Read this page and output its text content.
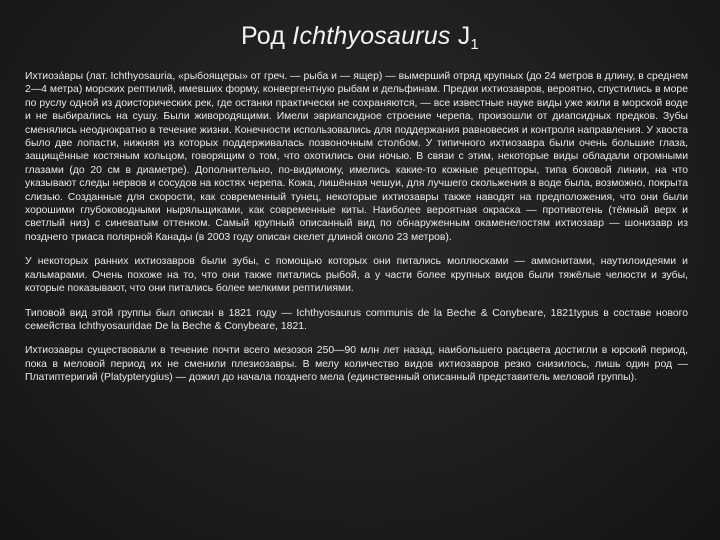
Род Ichthyosaurus $J_1$

Ихтиоза́вры (лат. Ichthyosauria, «рыбоящеры» от греч. — рыба и — ящер) — вымерший отряд крупных (до 24 метров в длину, в среднем 2—4 метра) морских рептилий, имевших форму, конвергентную рыбам и дельфинам. Предки ихтиозавров, вероятно, спустились в море по руслу одной из доисторических рек, где останки практически не сохраняются, — все известные науке виды уже жили в морской воде и не выбирались на сушу. Были живородящими. Имели эвриапсидное строение черепа, произошли от диапсидных предков. Зубы сменялись неоднократно в течение жизни. Конечности использовались для поддержания равновесия и контроля направления. У хвоста было две лопасти, нижняя из которых поддерживалась позвоночным столбом. У типичного ихтиозавра были очень большие глаза, защищённые костяным кольцом, говорящим о том, что охотились они ночью. В связи с этим, некоторые виды обладали огромными глазами (до 20 см в диаметре). Дополнительно, по-видимому, имелись какие-то кожные рецепторы, типа боковой линии, на что указывают следы нервов и сосудов на костях черепа. Кожа, лишённая чешуи, для лучшего скольжения в воде была, возможно, покрыта слизью. Созданные для скорости, как современный тунец, некоторые ихтиозавры также наводят на предположения, что они были хорошими глубоководными ныряльщиками, как современные киты. Наиболее вероятная окраска — противотень (тёмный верх и светлый низ) с синеватым оттенком. Самый крупный описанный вид по обнаруженным окаменелостям ихтиозавр — шонизавр из позднего триаса полярной Канады (в 2003 году описан скелет длиной около 23 метров).

У некоторых ранних ихтиозавров были зубы, с помощью которых они питались моллюсками — аммонитами, наутилоидеями и кальмарами. Очень похоже на то, что они также питались рыбой, а у части более крупных видов были тяжёлые челюсти и зубы, которые показывают, что они питались более мелкими рептилиями.

Типовой вид этой группы был описан в 1821 году — Ichthyosaurus communis de la Beche & Conybeare, 1821typus в составе нового семейства Ichthyosauridae De la Beche & Conybeare, 1821.

Ихтиозавры существовали в течение почти всего мезозоя 250—90 млн лет назад, наибольшего расцвета достигли в юрский период, пока в меловой период их не сменили плезиозавры. В мелу количество видов ихтиозавров резко снизилось, лишь один род — Платиптеригий (Platypterygius) — дожил до начала позднего мела (единственный описанный представитель меловой группы).
